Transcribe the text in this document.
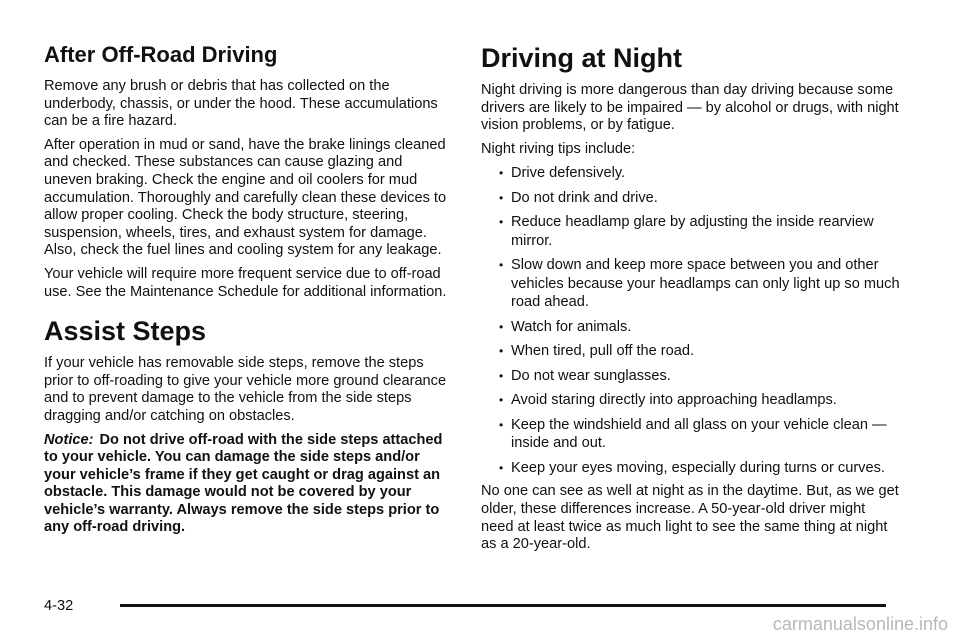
After Off-Road Driving

Remove any brush or debris that has collected on the underbody, chassis, or under the hood. These accumulations can be a fire hazard.

After operation in mud or sand, have the brake linings cleaned and checked. These substances can cause glazing and uneven braking. Check the engine and oil coolers for mud accumulation. Thoroughly and carefully clean these devices to allow proper cooling. Check the body structure, steering, suspension, wheels, tires, and exhaust system for damage. Also, check the fuel lines and cooling system for any leakage.

Your vehicle will require more frequent service due to off-road use. See the Maintenance Schedule for additional information.

Assist Steps

If your vehicle has removable side steps, remove the steps prior to off-roading to give your vehicle more ground clearance and to prevent damage to the vehicle from the side steps dragging and/or catching on obstacles.

Notice: Do not drive off-road with the side steps attached to your vehicle. You can damage the side steps and/or your vehicle’s frame if they get caught or drag against an obstacle. This damage would not be covered by your vehicle’s warranty. Always remove the side steps prior to any off-road driving.

Driving at Night

Night driving is more dangerous than day driving because some drivers are likely to be impaired — by alcohol or drugs, with night vision problems, or by fatigue.

Night riving tips include:

• Drive defensively.
• Do not drink and drive.
• Reduce headlamp glare by adjusting the inside rearview mirror.
• Slow down and keep more space between you and other vehicles because your headlamps can only light up so much road ahead.
• Watch for animals.
• When tired, pull off the road.
• Do not wear sunglasses.
• Avoid staring directly into approaching headlamps.
• Keep the windshield and all glass on your vehicle clean — inside and out.
• Keep your eyes moving, especially during turns or curves.

No one can see as well at night as in the daytime. But, as we get older, these differences increase. A 50-year-old driver might need at least twice as much light to see the same thing at night as a 20-year-old.

4-32
carmanualsonline.info
